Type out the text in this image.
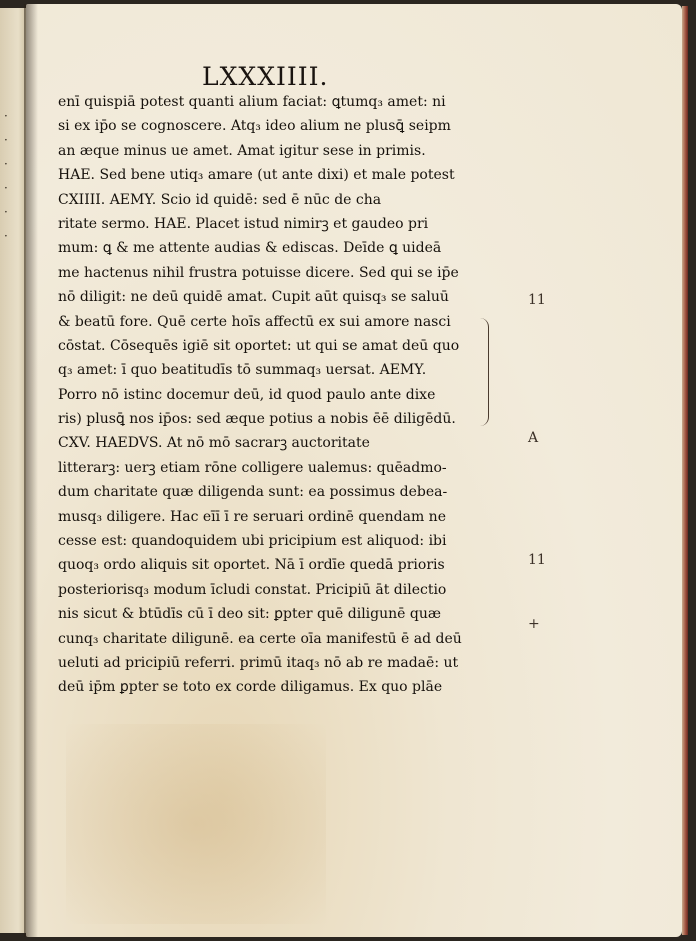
·
·
·
·
·
·
LXXXIIII.
enī quispiā potest quanti alium faciat: ꝗtumq₃ amet: ni
si ex ip̄o se cognoscere. Atq₃ ideo alium ne plusꝗ̄ seipm
an æque minus ue amet. Amat igitur sese in primis.
HAE. Sed bene utiq₃ amare (ut ante dixi) et male potest
CXIIII. AEMY. Scio id quidē: sed ē nūc de cha
ritate sermo. HAE. Placet istud nimirꝫ et gaudeo pri
mum: ꝗ & me attente audias & ediscas. Deīde ꝗ uideā
me hactenus nihil frustra potuisse dicere. Sed qui se ip̄e
nō diligit: ne deū quidē amat. Cupit aūt quisq₃ se saluū
& beatū fore. Quē certe hoīs affectū ex sui amore nasci
cōstat. Cōsequēs igiē sit oportet: ut qui se amat deū quo
q₃ amet: ī quo beatitudīs tō summaq₃ uersat. AEMY.
Porro nō istinc docemur deū, id quod paulo ante dixe
ris) plusꝗ̄ nos ip̄os: sed æque potius a nobis ēē diligēdū.
CXV. HAEDVS. At nō mō sacrarꝫ auctoritate
litterarꝫ: uerꝫ etiam rōne colligere ualemus: quēadmo-
dum charitate quæ diligenda sunt: ea possimus debea-
musq₃ diligere. Hac eīī ī re seruari ordinē quendam ne
cesse est: quandoquidem ubi pricipium est aliquod: ibi
quoq₃ ordo aliquis sit oportet. Nā ī ordīe quedā prioris
posteriorisq₃ modum īcludi constat. Pricipiū āt dilectio
nis sicut & btūdīs cū ī deo sit: ꝑpter quē diligunē quæ
cunq₃ charitate diligunē. ea certe oīa manifestū ē ad deū
ueluti ad pricipiū referri. primū itaq₃ nō ab re madaē: ut
deū ip̄m ꝑpter se toto ex corde diligamus. Ex quo plāe
11
A
11
+
